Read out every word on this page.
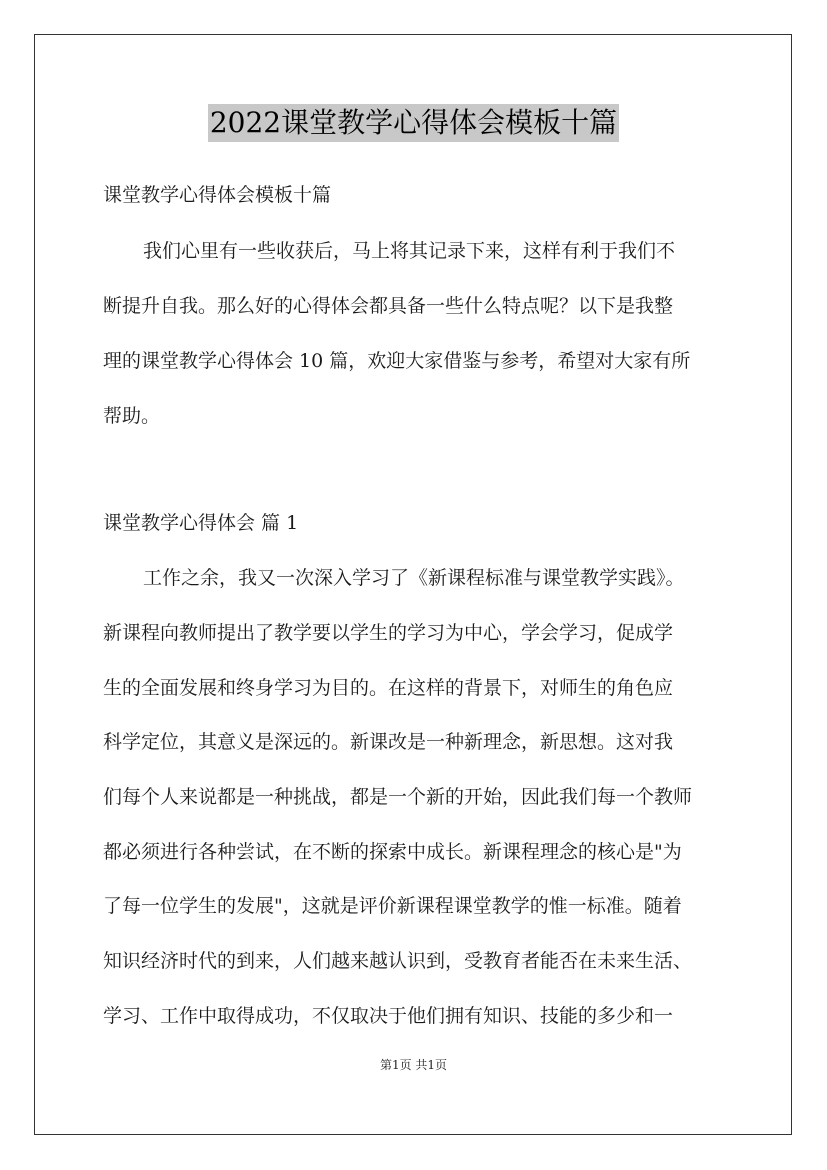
2022课堂教学心得体会模板十篇
课堂教学心得体会模板十篇
我们心里有一些收获后，马上将其记录下来，这样有利于我们不
断提升自我。那么好的心得体会都具备一些什么特点呢？以下是我整
理的课堂教学心得体会 10 篇，欢迎大家借鉴与参考，希望对大家有所
帮助。
课堂教学心得体会 篇 1
工作之余，我又一次深入学习了《新课程标准与课堂教学实践》。
新课程向教师提出了教学要以学生的学习为中心，学会学习，促成学
生的全面发展和终身学习为目的。在这样的背景下，对师生的角色应
科学定位，其意义是深远的。新课改是一种新理念，新思想。这对我
们每个人来说都是一种挑战，都是一个新的开始，因此我们每一个教师
都必须进行各种尝试，在不断的探索中成长。新课程理念的核心是"为
了每一位学生的发展"，这就是评价新课程课堂教学的惟一标准。随着
知识经济时代的到来，人们越来越认识到，受教育者能否在未来生活、
学习、工作中取得成功，不仅取决于他们拥有知识、技能的多少和一
第1页 共1页
